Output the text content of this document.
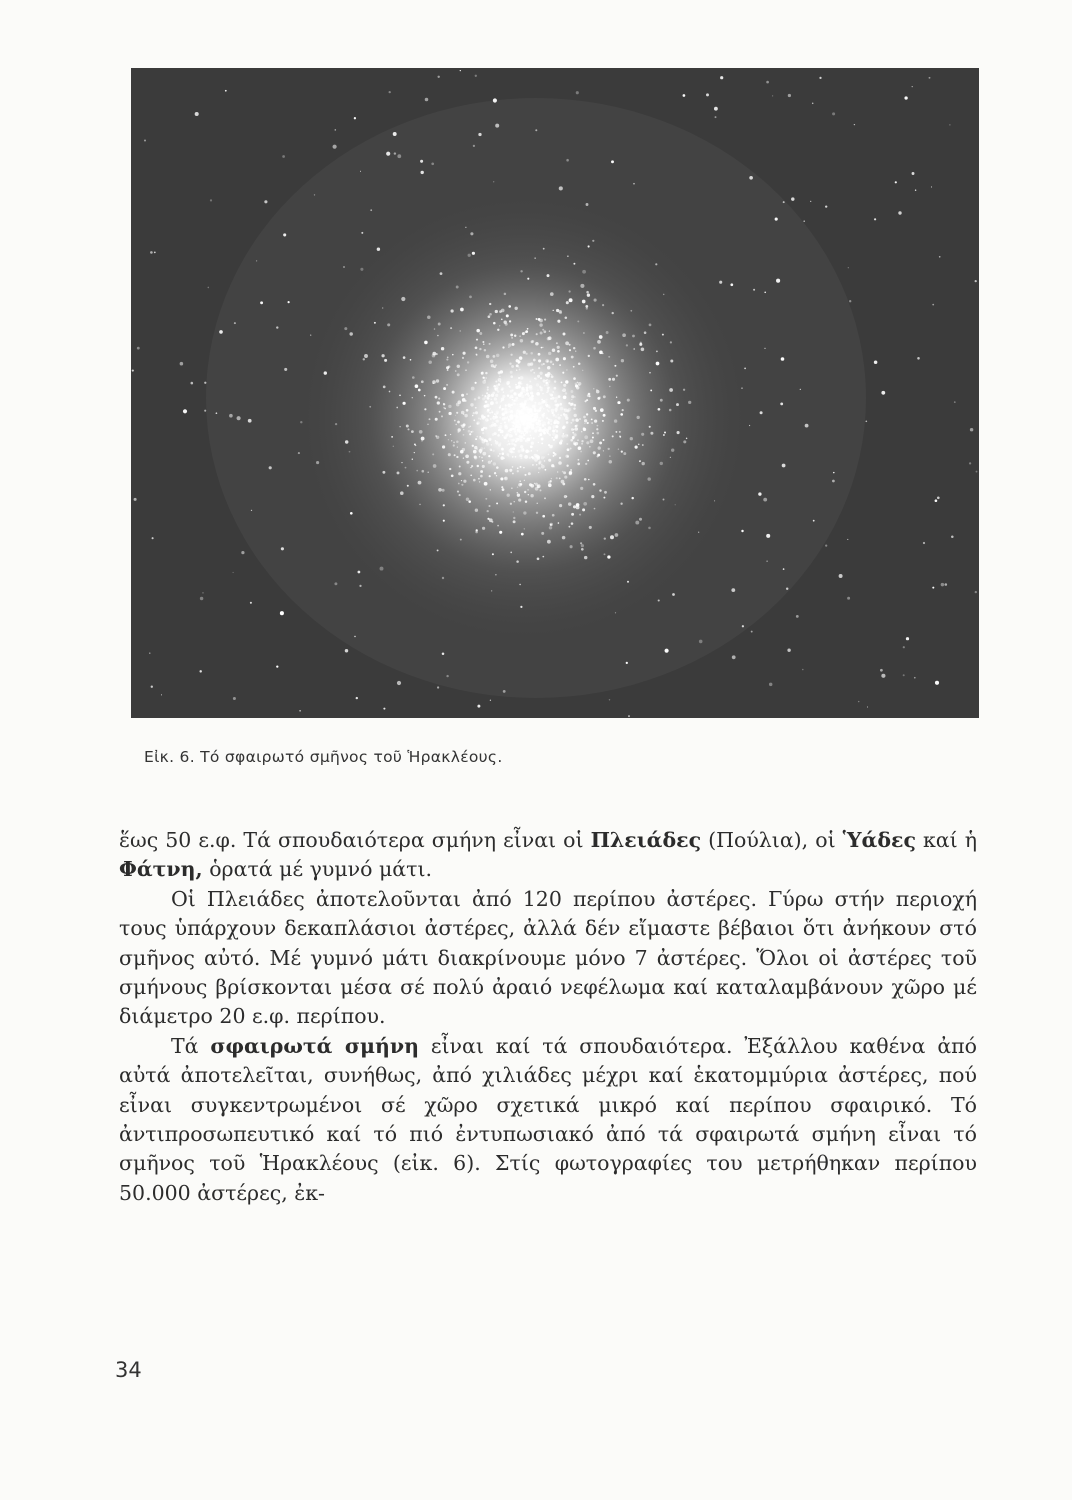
Εἰκ. 6. Τό σφαιρωτό σμῆνος τοῦ Ἡρακλέους.

ἕως 50 ε.φ. Τά σπουδαιότερα σμήνη εἶναι οἱ Πλειάδες (Πούλια), οἱ Ὑάδες καί ἡ Φάτνη, ὁρατά μέ γυμνό μάτι.

Οἱ Πλειάδες ἀποτελοῦνται ἀπό 120 περίπου ἀστέρες. Γύρω στήν περιοχή τους ὑπάρχουν δεκαπλάσιοι ἀστέρες, ἀλλά δέν εἴμαστε βέβαιοι ὅτι ἀνήκουν στό σμῆνος αὐτό. Μέ γυμνό μάτι διακρίνουμε μόνο 7 ἀστέρες. Ὅλοι οἱ ἀστέρες τοῦ σμήνους βρίσκονται μέσα σέ πολύ ἀραιό νεφέλωμα καί καταλαμβάνουν χῶρο μέ διάμετρο 20 ε.φ. περίπου.

Τά σφαιρωτά σμήνη εἶναι καί τά σπουδαιότερα. Ἐξάλλου καθένα ἀπό αὐτά ἀποτελεῖται, συνήθως, ἀπό χιλιάδες μέχρι καί ἑκατομμύρια ἀστέρες, πού εἶναι συγκεντρωμένοι σέ χῶρο σχετικά μικρό καί περίπου σφαιρικό. Τό ἀντιπροσωπευτικό καί τό πιό ἐντυπωσιακό ἀπό τά σφαιρωτά σμήνη εἶναι τό σμῆνος τοῦ Ἡρακλέους (εἰκ. 6). Στίς φωτογραφίες του μετρήθηκαν περίπου 50.000 ἀστέρες, ἐκ-

34
